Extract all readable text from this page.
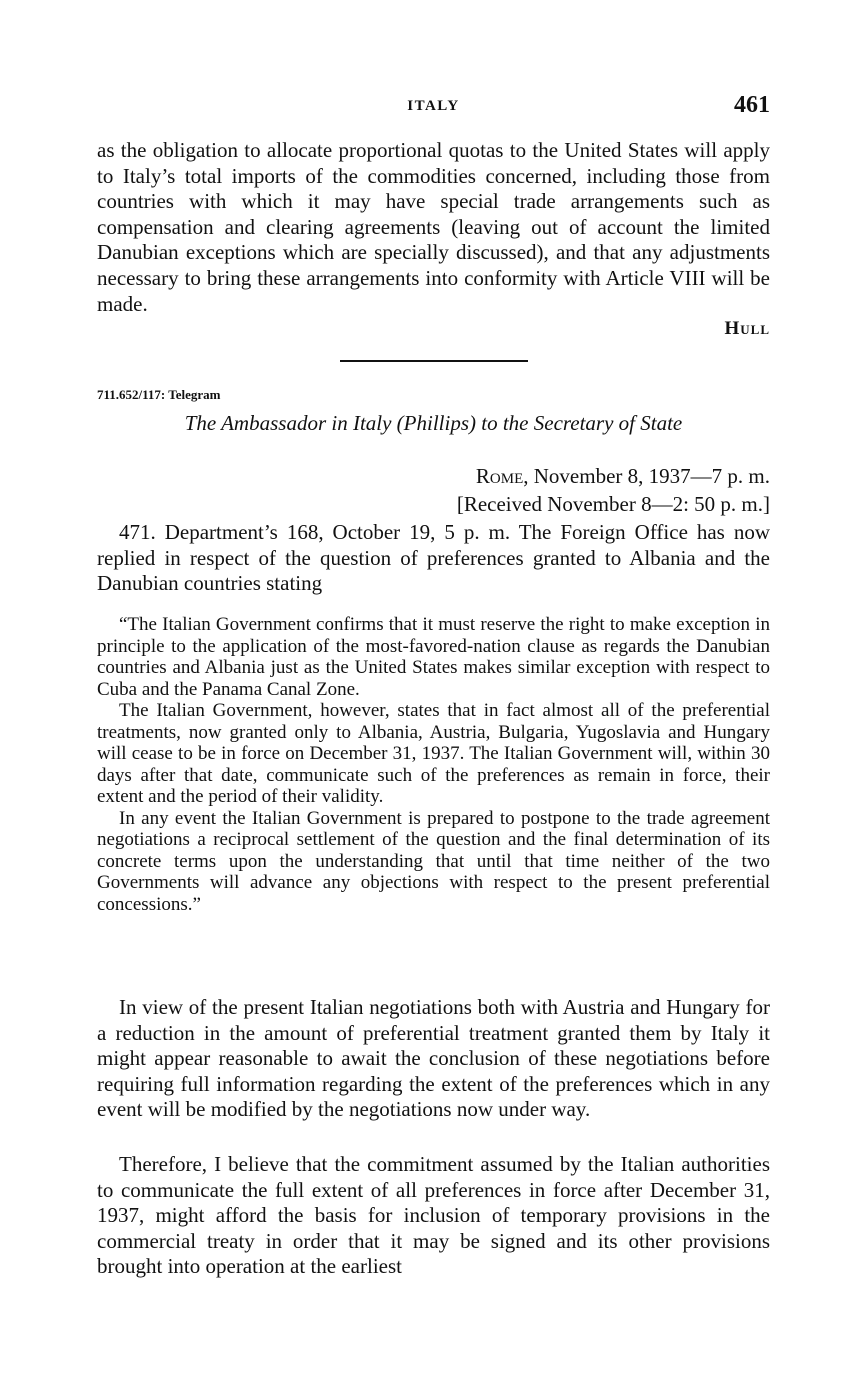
ITALY	461

as the obligation to allocate proportional quotas to the United States will apply to Italy’s total imports of the commodities concerned, including those from countries with which it may have special trade arrangements such as compensation and clearing agreements (leaving out of account the limited Danubian exceptions which are specially discussed), and that any adjustments necessary to bring these arrangements into conformity with Article VIII will be made.

Hull
711.652/117: Telegram
The Ambassador in Italy (Phillips) to the Secretary of State
Rome, November 8, 1937—7 p. m.
[Received November 8—2: 50 p. m.]

471. Department’s 168, October 19, 5 p. m. The Foreign Office has now replied in respect of the question of preferences granted to Albania and the Danubian countries stating

“The Italian Government confirms that it must reserve the right to make exception in principle to the application of the most-favored-nation clause as regards the Danubian countries and Albania just as the United States makes similar exception with respect to Cuba and the Panama Canal Zone.

The Italian Government, however, states that in fact almost all of the preferential treatments, now granted only to Albania, Austria, Bulgaria, Yugoslavia and Hungary will cease to be in force on December 31, 1937. The Italian Government will, within 30 days after that date, communicate such of the preferences as remain in force, their extent and the period of their validity.

In any event the Italian Government is prepared to postpone to the trade agreement negotiations a reciprocal settlement of the question and the final determination of its concrete terms upon the understanding that until that time neither of the two Governments will advance any objections with respect to the present preferential concessions.”

In view of the present Italian negotiations both with Austria and Hungary for a reduction in the amount of preferential treatment granted them by Italy it might appear reasonable to await the conclusion of these negotiations before requiring full information regarding the extent of the preferences which in any event will be modified by the negotiations now under way.

Therefore, I believe that the commitment assumed by the Italian authorities to communicate the full extent of all preferences in force after December 31, 1937, might afford the basis for inclusion of temporary provisions in the commercial treaty in order that it may be signed and its other provisions brought into operation at the earliest
